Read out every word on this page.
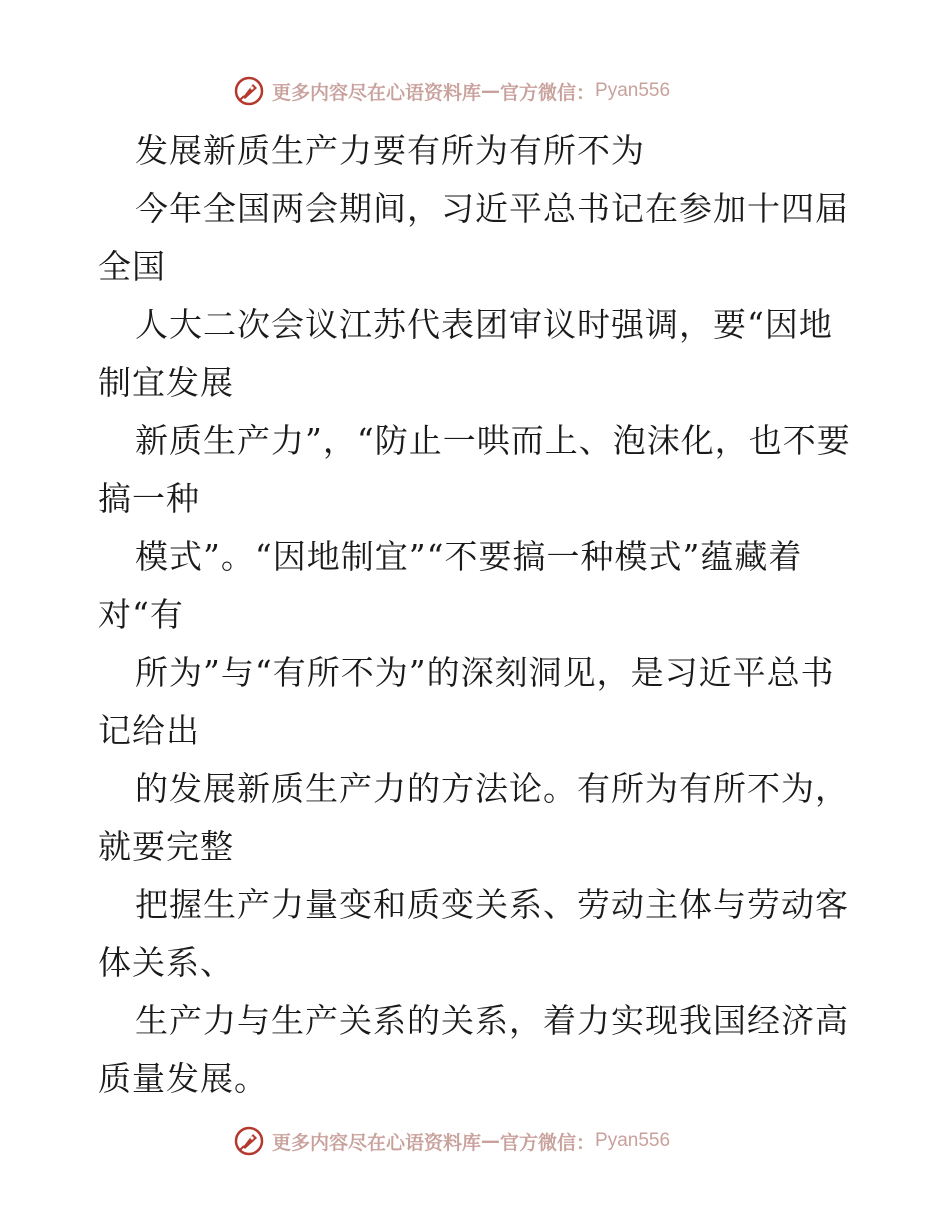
更多内容尽在心语资料库 — 官方微信： Pyan556

发展新质生产力要有所为有所不为

今年全国两会期间，习近平总书记在参加十四届全国

人大二次会议江苏代表团审议时强调，要“因地制宜发展

新质生产力”，“防止一哄而上、泡沫化，也不要搞一种

模式”。“因地制宜”“不要搞一种模式”蕴藏着对“有

所为”与“有所不为”的深刻洞见，是习近平总书记给出

的发展新质生产力的方法论。有所为有所不为，就要完整

把握生产力量变和质变关系、劳动主体与劳动客体关系、

生产力与生产关系的关系，着力实现我国经济高质量发展。

更多内容尽在心语资料库 — 官方微信： Pyan556
